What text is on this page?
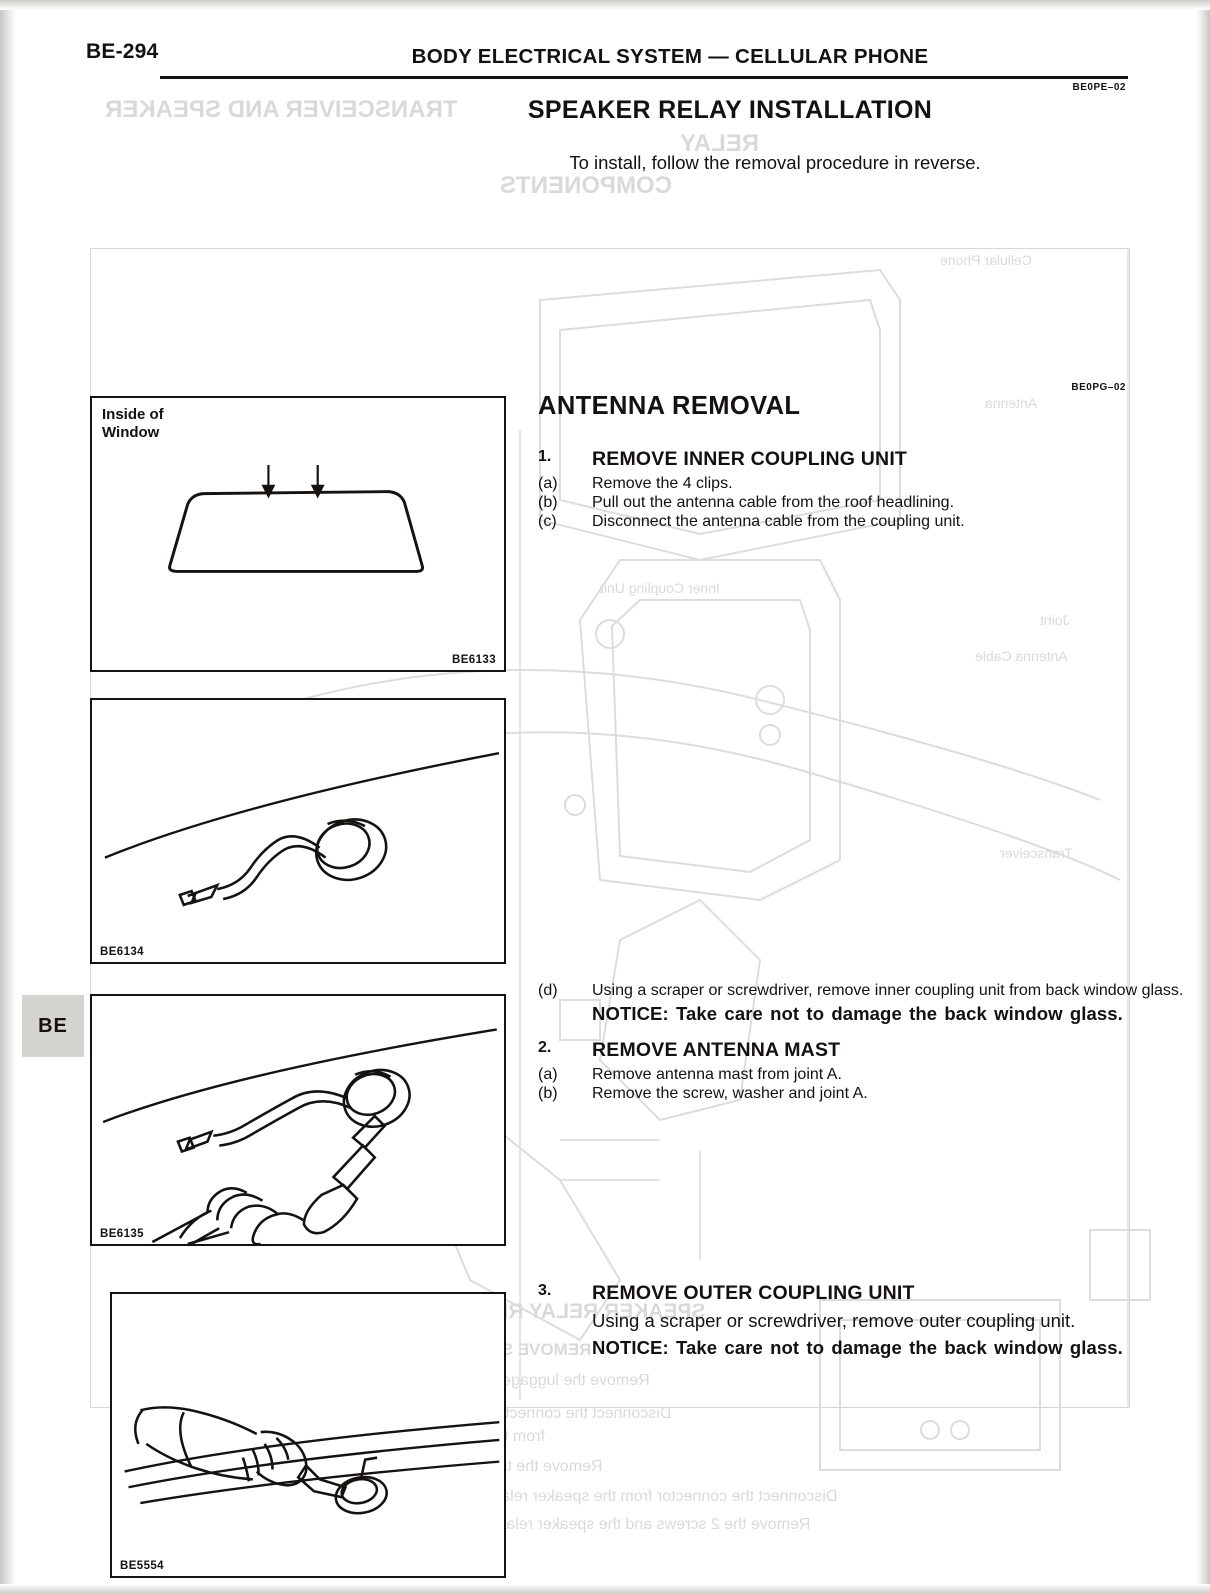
TRANSCEIVER AND SPEAKER
RELAY
COMPONENTS
Cellular Phone
Antenna
Inner Coupling Unit
Joint
Antenna Cable
Transceiver
SPEAKER RELAY REMOVAL
REMOVE
Remove the luggage LH cover.
Disconnect the connectors and the
from
Remove the transceiver.
Disconnect the connector from the speaker relay.
Remove the 2 screws and the speaker relay.
BE-294	BODY ELECTRICAL SYSTEM — CELLULAR PHONE
BE
BE0PE–02
SPEAKER RELAY INSTALLATION
To install, follow the removal procedure in reverse.
BE0PG–02
ANTENNA REMOVAL
1.	REMOVE INNER COUPLING UNIT
(a)	Remove the 4 clips.
(b)	Pull out the antenna cable from the roof headlining.
(c)	Disconnect the antenna cable from the coupling unit.
(d)	Using a scraper or screwdriver, remove inner coupling unit from back window glass.
NOTICE: Take care not to damage the back window glass.
2.	REMOVE ANTENNA MAST
(a)	Remove antenna mast from joint A.
(b)	Remove the screw, washer and joint A.
3.	REMOVE OUTER COUPLING UNIT
Using a scraper or screwdriver, remove outer coupling unit.
NOTICE: Take care not to damage the back window glass.
Inside of
Window
BE6133
BE6134
BE6135
BE5554
